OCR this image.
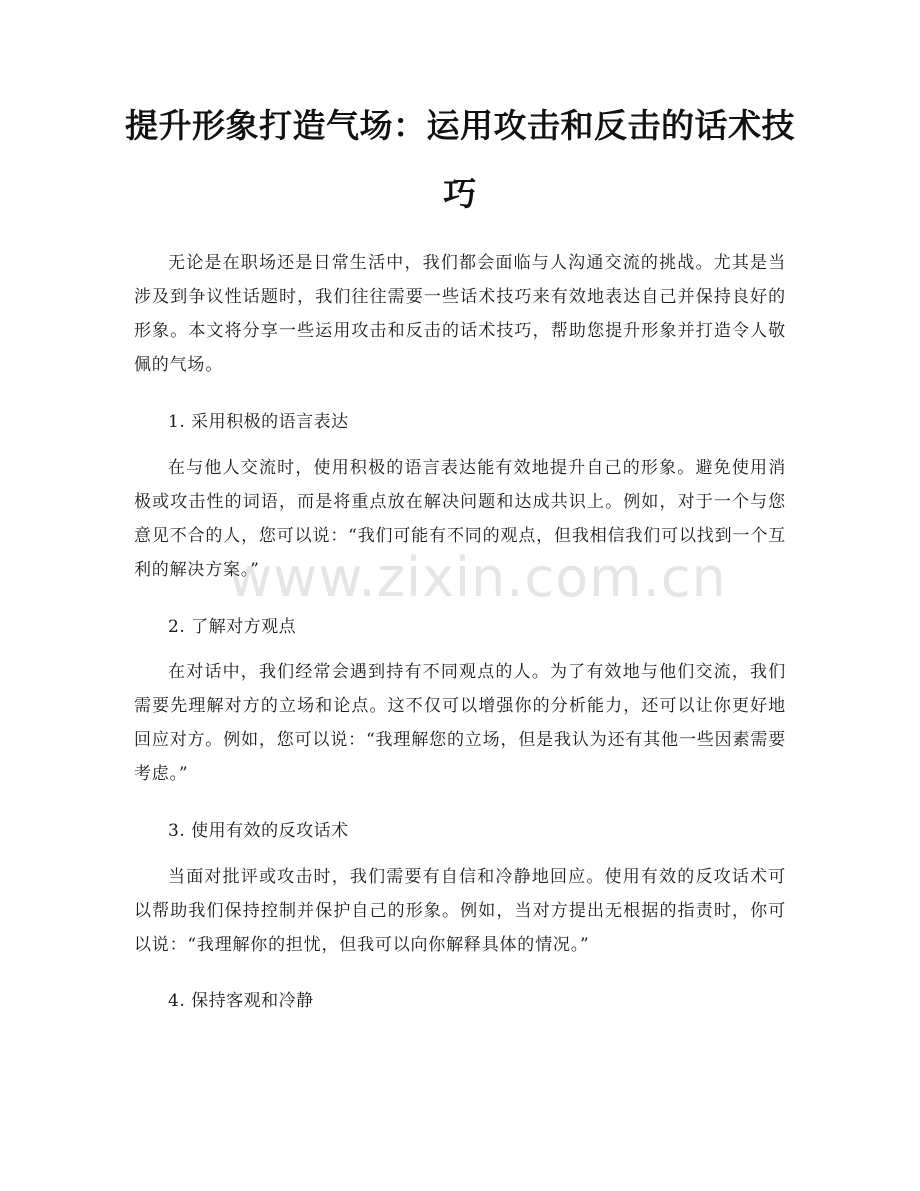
提升形象打造气场：运用攻击和反击的话术技巧

无论是在职场还是日常生活中，我们都会面临与人沟通交流的挑战。尤其是当涉及到争议性话题时，我们往往需要一些话术技巧来有效地表达自己并保持良好的形象。本文将分享一些运用攻击和反击的话术技巧，帮助您提升形象并打造令人敬佩的气场。

1. 采用积极的语言表达

在与他人交流时，使用积极的语言表达能有效地提升自己的形象。避免使用消极或攻击性的词语，而是将重点放在解决问题和达成共识上。例如，对于一个与您意见不合的人，您可以说：“我们可能有不同的观点，但我相信我们可以找到一个互利的解决方案。”

2. 了解对方观点

在对话中，我们经常会遇到持有不同观点的人。为了有效地与他们交流，我们需要先理解对方的立场和论点。这不仅可以增强你的分析能力，还可以让你更好地回应对方。例如，您可以说：“我理解您的立场，但是我认为还有其他一些因素需要考虑。”

3. 使用有效的反攻话术

当面对批评或攻击时，我们需要有自信和冷静地回应。使用有效的反攻话术可以帮助我们保持控制并保护自己的形象。例如，当对方提出无根据的指责时，你可以说：“我理解你的担忧，但我可以向你解释具体的情况。”

4. 保持客观和冷静
www.zixin.com.cn
